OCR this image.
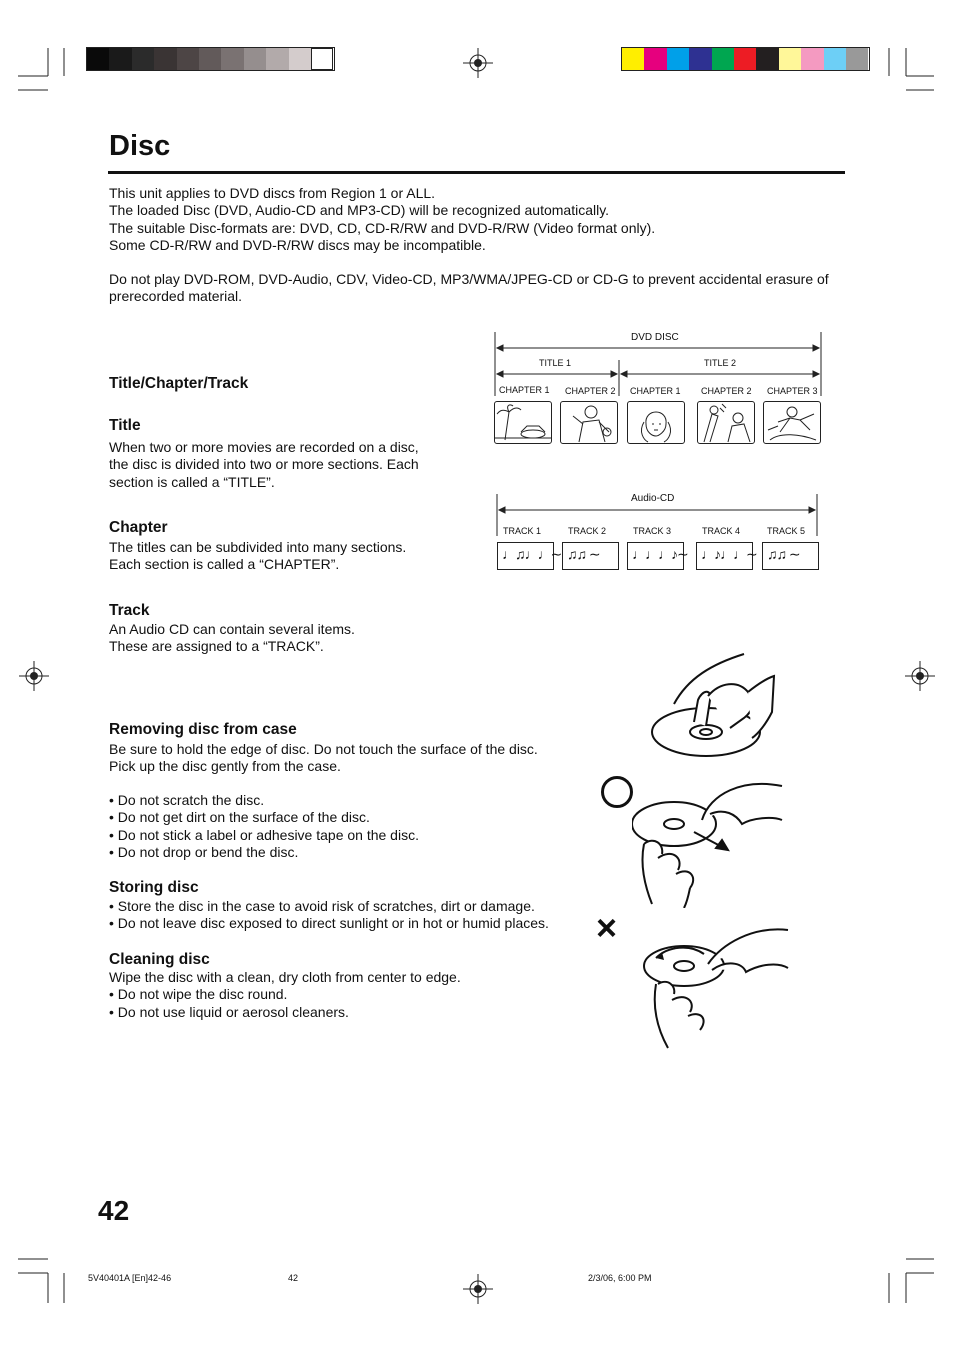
Disc
This unit applies to DVD discs from Region 1 or ALL.
The loaded Disc (DVD, Audio-CD and MP3-CD) will be recognized automatically.
The suitable Disc-formats are: DVD, CD, CD-R/RW and DVD-R/RW (Video format only).
Some CD-R/RW and DVD-R/RW discs may be incompatible.
Do not play DVD-ROM, DVD-Audio, CDV, Video-CD, MP3/WMA/JPEG-CD or CD-G to prevent accidental erasure of
prerecorded material.
Title/Chapter/Track
Title
When two or more movies are recorded on a disc,
the disc is divided into two or more sections. Each
section is called a “TITLE”.
Chapter
The titles can be subdivided into many sections.
Each section is called a “CHAPTER”.
Track
An Audio CD can contain several items.
These are assigned to a “TRACK”.
Removing disc from case
Be sure to hold the edge of disc. Do not touch the surface of the disc.
Pick up the disc gently from the case.
• Do not scratch the disc.
• Do not get dirt on the surface of the disc.
• Do not stick a label or adhesive tape on the disc.
• Do not drop or bend the disc.
Storing disc
• Store the disc in the case to avoid risk of scratches, dirt or damage.
• Do not leave disc exposed to direct sunlight or in hot or humid places.
Cleaning disc
Wipe the disc with a clean, dry cloth from center to edge.
• Do not wipe the disc round.
• Do not use liquid or aerosol cleaners.
DVD DISC
TITLE 1	TITLE 2
CHAPTER 1 CHAPTER 2 CHAPTER 1 CHAPTER 2 CHAPTER 3
Audio-CD
TRACK 1	TRACK 2	TRACK 3	TRACK 4	TRACK 5
♩♫♩♩∼ ♫♫ ∼ ♩♩♩♪∼ ♩♪♩♩∼ ♫♫ ∼
×
42
5V40401A [En]42-46	42	2/3/06, 6:00 PM
